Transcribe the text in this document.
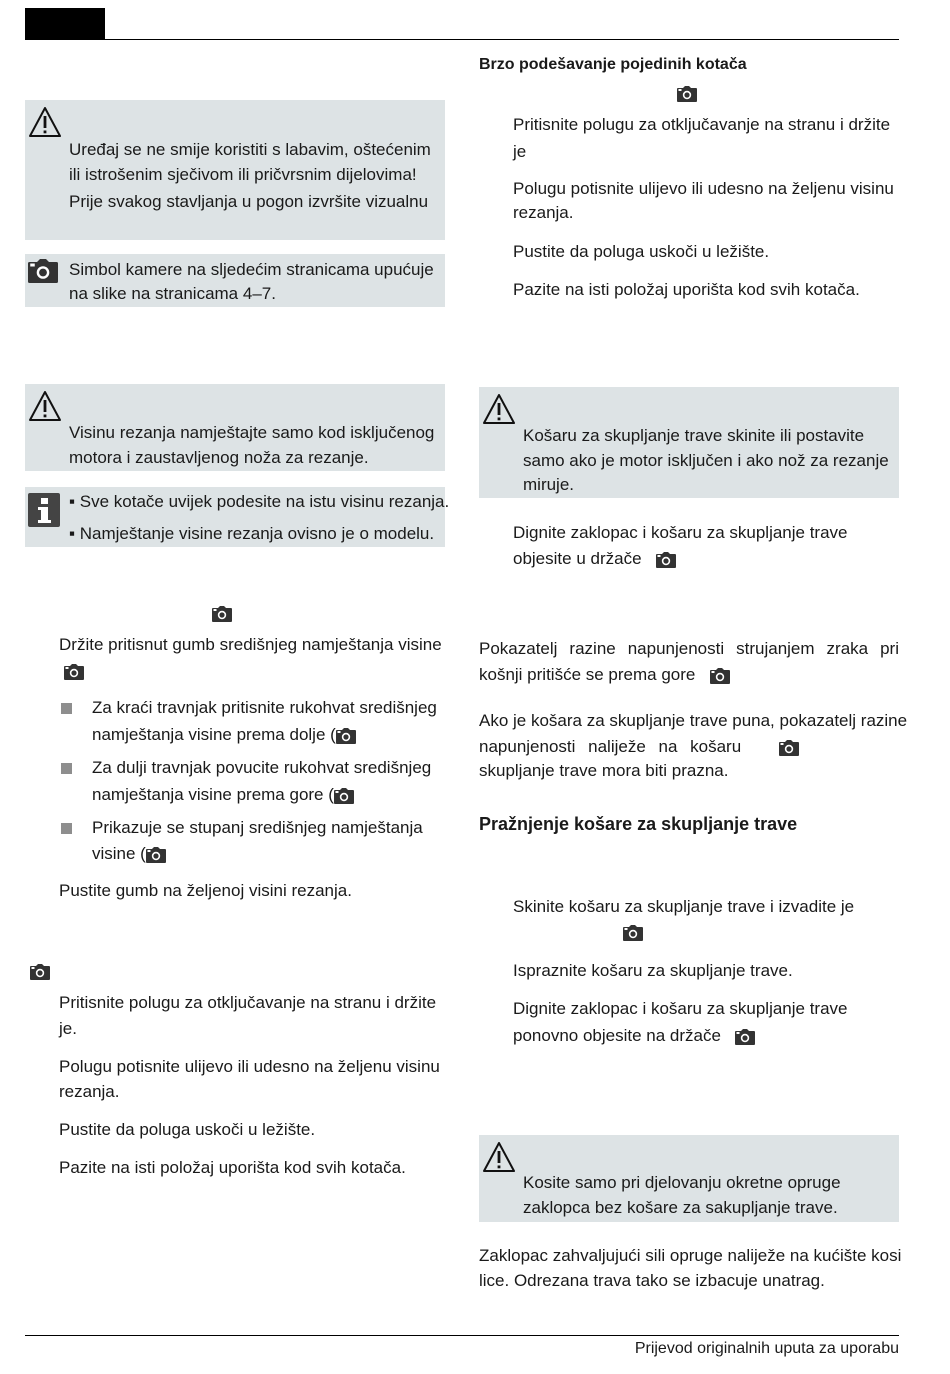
Uređaj se ne smije koristiti s labavim, oštećenim
ili istrošenim sječivom ili pričvrsnim dijelovima!
Prije svakog stavljanja u pogon izvršite vizualnu
Simbol kamere na sljedećim stranicama upućuje
na slike na stranicama 4–7.
Visinu rezanja namještajte samo kod isključenog
motora i zaustavljenog noža za rezanje.
▪ Sve kotače uvijek podesite na istu visinu rezanja.
▪ Namještanje visine rezanja ovisno je o modelu.
Držite pritisnut gumb središnjeg namještanja visine
Za kraći travnjak pritisnite rukohvat središnjeg
namještanja visine prema dolje (
Za dulji travnjak povucite rukohvat središnjeg
namještanja visine prema gore (
Prikazuje se stupanj središnjeg namještanja
visine (
Pustite gumb na željenoj visini rezanja.
Pritisnite polugu za otključavanje na stranu i držite
je.
Polugu potisnite ulijevo ili udesno na željenu visinu
rezanja.
Pustite da poluga uskoči u ležište.
Pazite na isti položaj uporišta kod svih kotača.
Brzo podešavanje pojedinih kotača
Pritisnite polugu za otključavanje na stranu i držite
je
Polugu potisnite ulijevo ili udesno na željenu visinu
rezanja.
Pustite da poluga uskoči u ležište.
Pazite na isti položaj uporišta kod svih kotača.
Košaru za skupljanje trave skinite ili postavite
samo ako je motor isključen i ako nož za rezanje
miruje.
Dignite zaklopac i košaru za skupljanje trave
objesite u držače
Pokazatelj razine napunjenosti strujanjem zraka pri
košnji pritišće se prema gore
Ako je košara za skupljanje trave puna, pokazatelj razine
napunjenosti naliježe na košaru
skupljanje trave mora biti prazna.
Pražnjenje košare za skupljanje trave
Skinite košaru za skupljanje trave i izvadite je
Ispraznite košaru za skupljanje trave.
Dignite zaklopac i košaru za skupljanje trave
ponovno objesite na držače
Kosite samo pri djelovanju okretne opruge
zaklopca bez košare za sakupljanje trave.
Zaklopac zahvaljujući sili opruge naliježe na kućište kosi
lice. Odrezana trava tako se izbacuje unatrag.
Prijevod originalnih uputa za uporabu
